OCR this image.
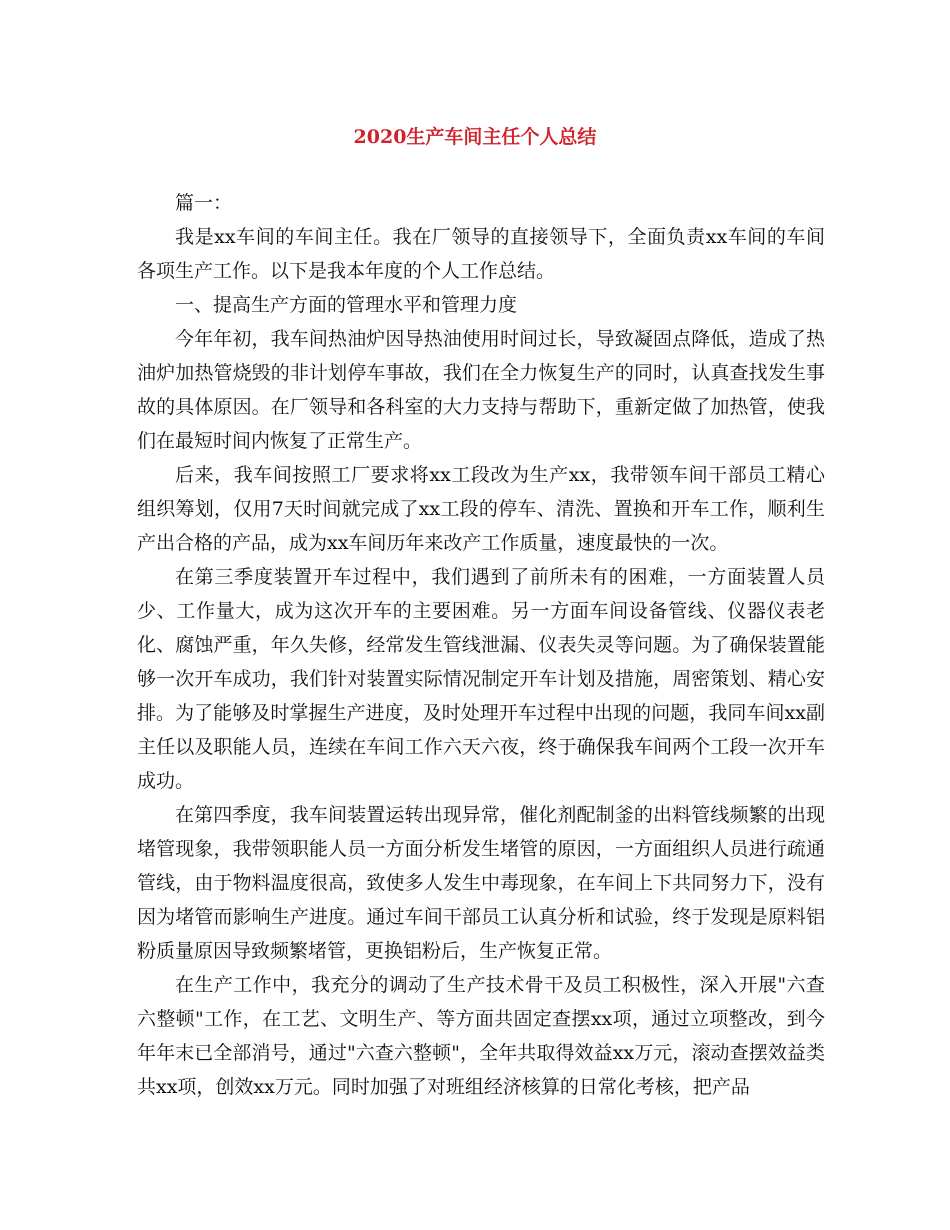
2020生产车间主任个人总结

篇一：

我是xx车间的车间主任。我在厂领导的直接领导下，全面负责xx车间的车间各项生产工作。以下是我本年度的个人工作总结。

一、提高生产方面的管理水平和管理力度

今年年初，我车间热油炉因导热油使用时间过长，导致凝固点降低，造成了热油炉加热管烧毁的非计划停车事故，我们在全力恢复生产的同时，认真查找发生事故的具体原因。在厂领导和各科室的大力支持与帮助下，重新定做了加热管，使我们在最短时间内恢复了正常生产。

后来，我车间按照工厂要求将xx工段改为生产xx，我带领车间干部员工精心组织筹划，仅用7天时间就完成了xx工段的停车、清洗、置换和开车工作，顺利生产出合格的产品，成为xx车间历年来改产工作质量，速度最快的一次。

在第三季度装置开车过程中，我们遇到了前所未有的困难，一方面装置人员少、工作量大，成为这次开车的主要困难。另一方面车间设备管线、仪器仪表老化、腐蚀严重，年久失修，经常发生管线泄漏、仪表失灵等问题。为了确保装置能够一次开车成功，我们针对装置实际情况制定开车计划及措施，周密策划、精心安排。为了能够及时掌握生产进度，及时处理开车过程中出现的问题，我同车间xx副主任以及职能人员，连续在车间工作六天六夜，终于确保我车间两个工段一次开车成功。

在第四季度，我车间装置运转出现异常，催化剂配制釜的出料管线频繁的出现堵管现象，我带领职能人员一方面分析发生堵管的原因，一方面组织人员进行疏通管线，由于物料温度很高，致使多人发生中毒现象，在车间上下共同努力下，没有因为堵管而影响生产进度。通过车间干部员工认真分析和试验，终于发现是原料铝粉质量原因导致频繁堵管，更换铝粉后，生产恢复正常。

在生产工作中，我充分的调动了生产技术骨干及员工积极性，深入开展"六查六整顿"工作，在工艺、文明生产、等方面共固定查摆xx项，通过立项整改，到今年年末已全部消号，通过"六查六整顿"，全年共取得效益xx万元，滚动查摆效益类共xx项，创效xx万元。同时加强了对班组经济核算的日常化考核，把产品
